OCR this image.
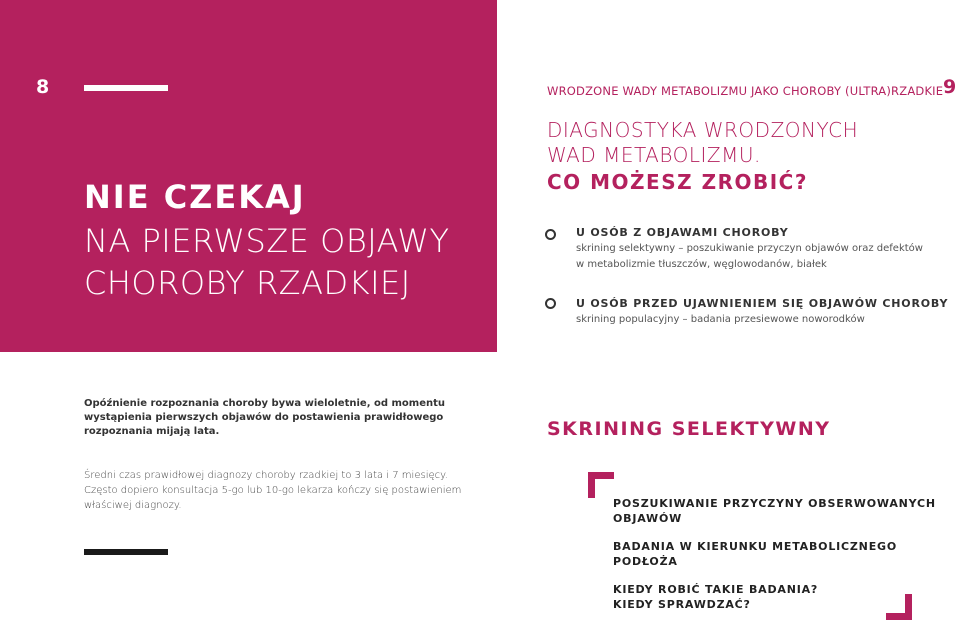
8
NIE CZEKAJ
NA PIERWSZE OBJAWY
CHOROBY RZADKIEJ
Opóźnienie rozpoznania choroby bywa wieloletnie, od momentu
wystąpienia pierwszych objawów do postawienia prawidłowego
rozpoznania mijają lata.
Średni czas prawidłowej diagnozy choroby rzadkiej to 3 lata i 7 miesięcy.
Często dopiero konsultacja 5-go lub 10-go lekarza kończy się postawieniem
właściwej diagnozy.
WRODZONE WADY METABOLIZMU JAKO CHOROBY (ULTRA)RZADKIE 9
DIAGNOSTYKA WRODZONYCH
WAD METABOLIZMU.
CO MOŻESZ ZROBIĆ?
U OSÓB Z OBJAWAMI CHOROBY
skrining selektywny – poszukiwanie przyczyn objawów oraz defektów
w metabolizmie tłuszczów, węglowodanów, białek
U OSÓB PRZED UJAWNIENIEM SIĘ OBJAWÓW CHOROBY
skrining populacyjny – badania przesiewowe noworodków
SKRINING SELEKTYWNY
POSZUKIWANIE PRZYCZYNY OBSERWOWANYCH
OBJAWÓW
BADANIA W KIERUNKU METABOLICZNEGO
PODŁOŻA
KIEDY ROBIĆ TAKIE BADANIA?
KIEDY SPRAWDZAĆ?
